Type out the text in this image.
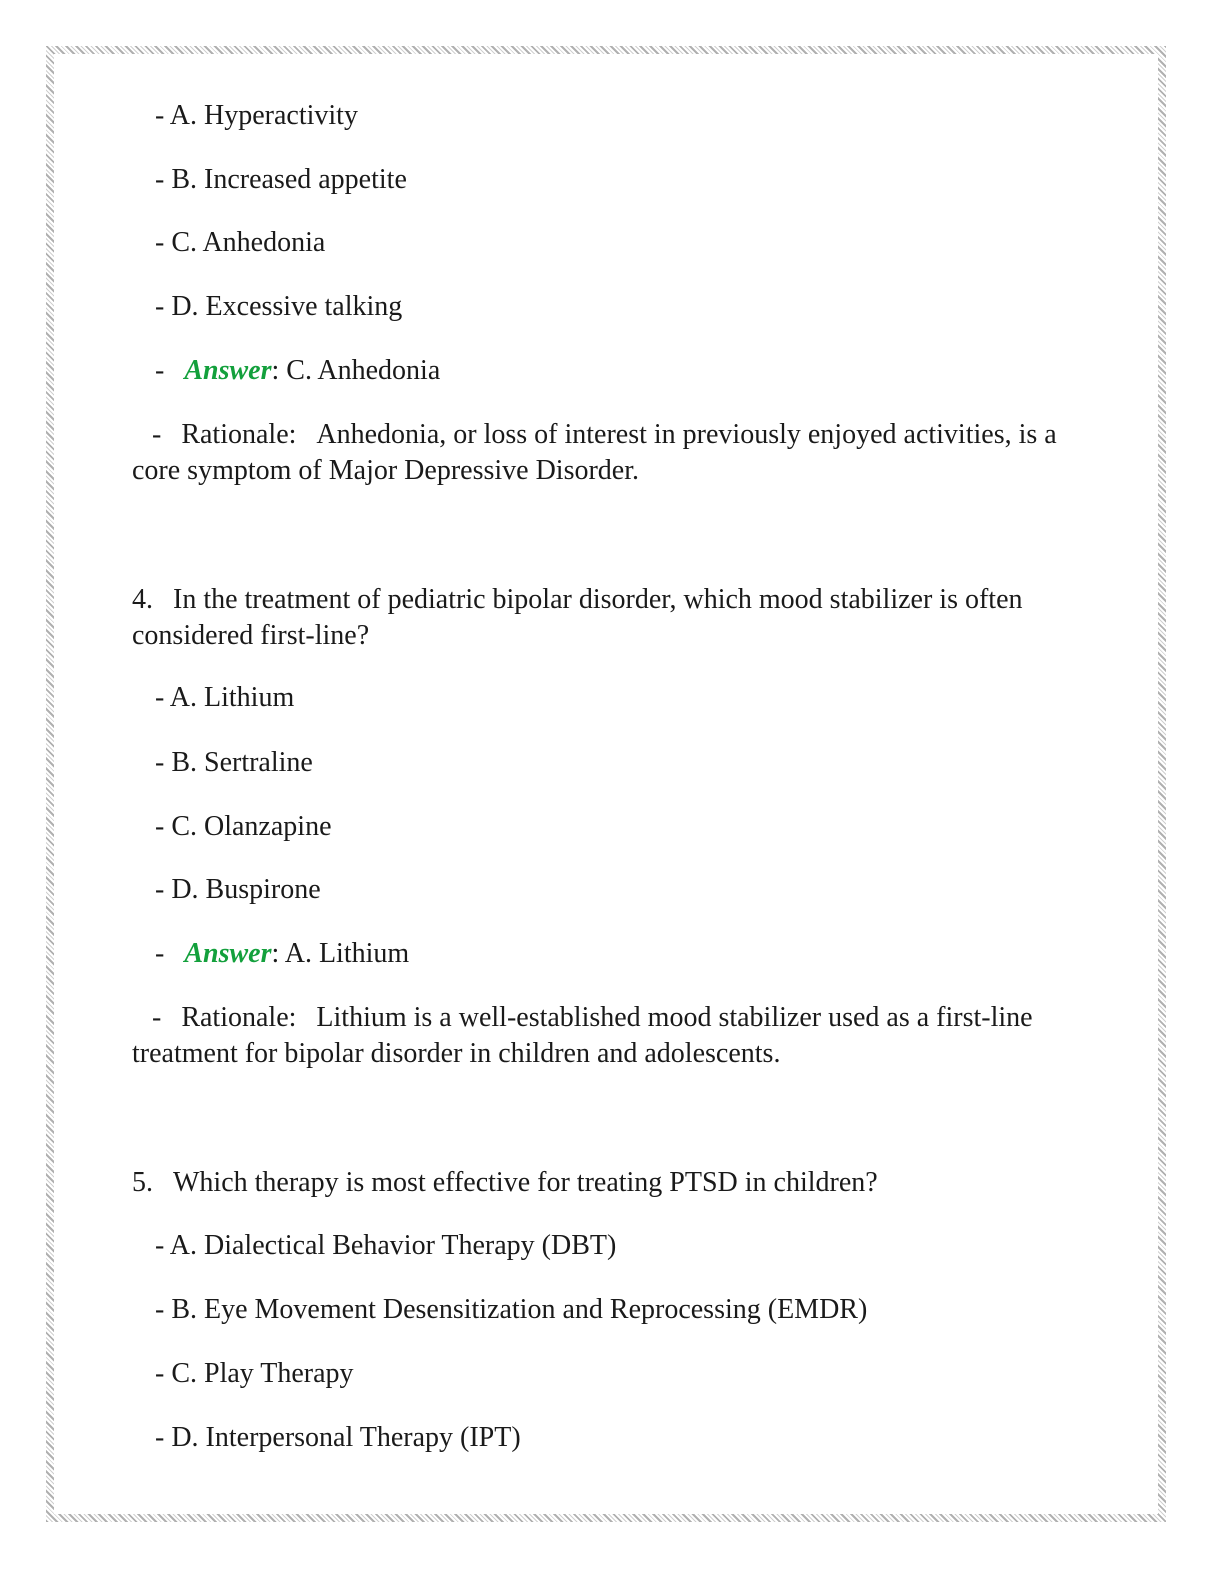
- A. Hyperactivity
- B. Increased appetite
- C. Anhedonia
- D. Excessive talking
- Answer: C. Anhedonia
- Rationale: Anhedonia, or loss of interest in previously enjoyed activities, is a core symptom of Major Depressive Disorder.
4. In the treatment of pediatric bipolar disorder, which mood stabilizer is often considered first-line?
- A. Lithium
- B. Sertraline
- C. Olanzapine
- D. Buspirone
- Answer: A. Lithium
- Rationale: Lithium is a well-established mood stabilizer used as a first-line treatment for bipolar disorder in children and adolescents.
5. Which therapy is most effective for treating PTSD in children?
- A. Dialectical Behavior Therapy (DBT)
- B. Eye Movement Desensitization and Reprocessing (EMDR)
- C. Play Therapy
- D. Interpersonal Therapy (IPT)
